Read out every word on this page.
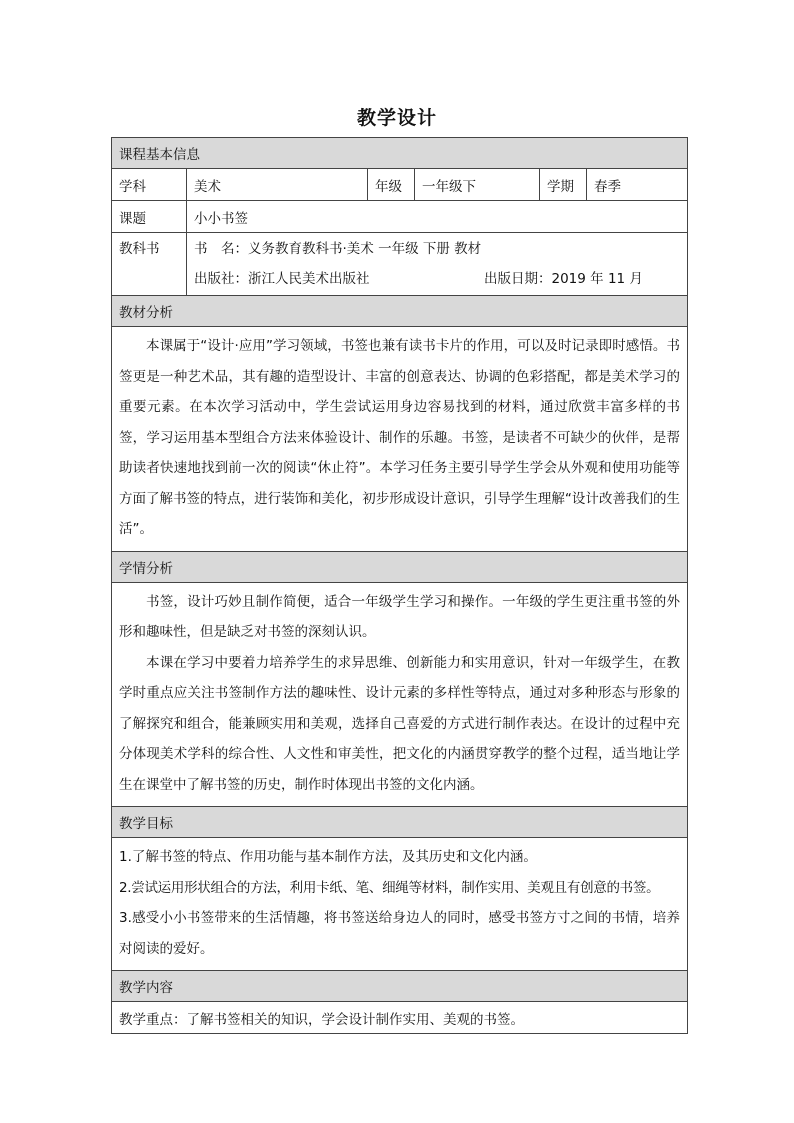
教学设计
课程基本信息					
学科	美术	年级	一年级下	学期	春季
课题	小小书签				

教科书	书　名：义务教育教科书·美术 一年级 下册 教材
出版社：浙江人民美术出版社 出版日期：2019 年 11 月				

教材分析					

本课属于“设计·应用”学习领域，书签也兼有读书卡片的作用，可以及时记录即时感悟。书签更是一种艺术品，其有趣的造型设计、丰富的创意表达、协调的色彩搭配，都是美术学习的重要元素。在本次学习活动中，学生尝试运用身边容易找到的材料，通过欣赏丰富多样的书签，学习运用基本型组合方法来体验设计、制作的乐趣。书签，是读者不可缺少的伙伴，是帮助读者快速地找到前一次的阅读“休止符”。本学习任务主要引导学生学会从外观和使用功能等方面了解书签的特点，进行装饰和美化，初步形成设计意识，引导学生理解“设计改善我们的生活”。					

学情分析					

书签，设计巧妙且制作简便，适合一年级学生学习和操作。一年级的学生更注重书签的外形和趣味性，但是缺乏对书签的深刻认识。
本课在学习中要着力培养学生的求异思维、创新能力和实用意识，针对一年级学生，在教学时重点应关注书签制作方法的趣味性、设计元素的多样性等特点，通过对多种形态与形象的了解探究和组合，能兼顾实用和美观，选择自己喜爱的方式进行制作表达。在设计的过程中充分体现美术学科的综合性、人文性和审美性，把文化的内涵贯穿教学的整个过程，适当地让学生在课堂中了解书签的历史，制作时体现出书签的文化内涵。					

教学目标					

1.了解书签的特点、作用功能与基本制作方法，及其历史和文化内涵。
2.尝试运用形状组合的方法，利用卡纸、笔、细绳等材料，制作实用、美观且有创意的书签。
3.感受小小书签带来的生活情趣，将书签送给身边人的同时，感受书签方寸之间的书情，培养对阅读的爱好。					

教学内容					
教学重点：了解书签相关的知识，学会设计制作实用、美观的书签。					
